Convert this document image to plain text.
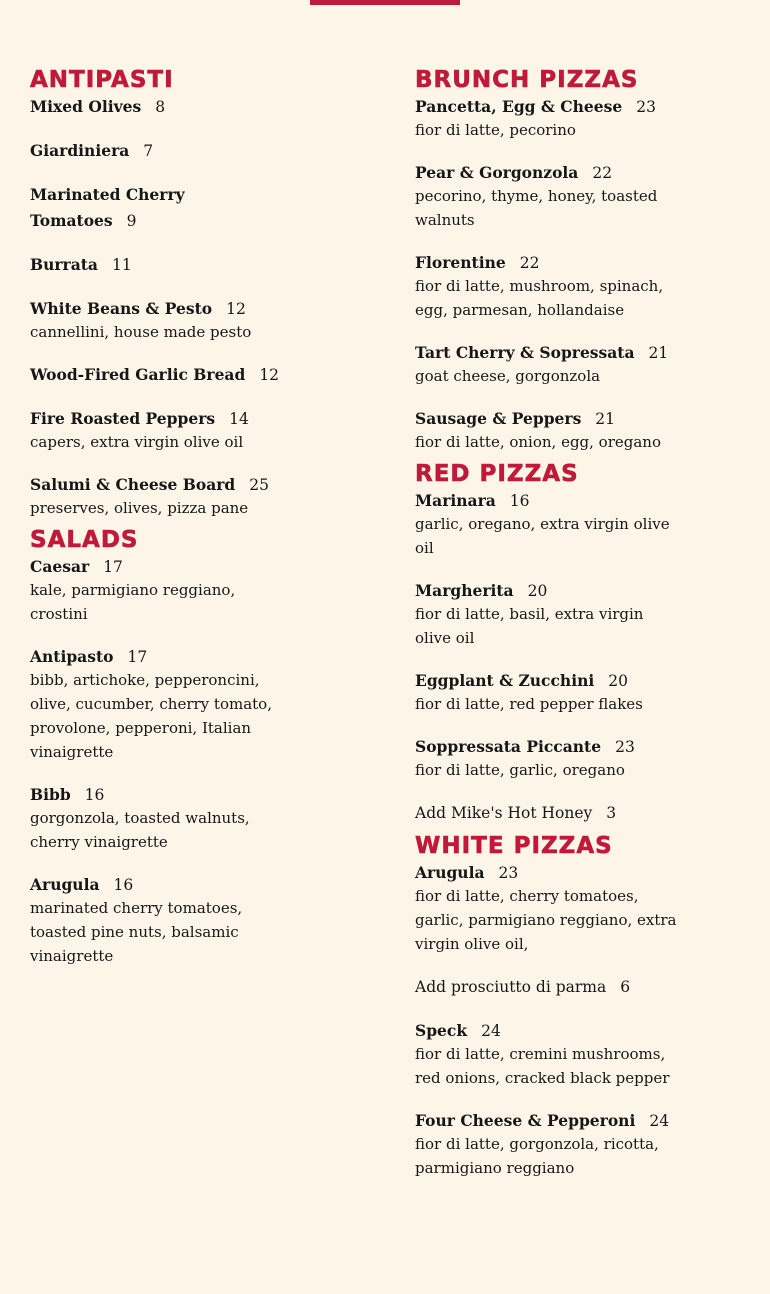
ANTIPASTI
Mixed Olives 8
Giardiniera 7
Marinated Cherry Tomatoes 9
Burrata 11
White Beans & Pesto 12
cannellini, house made pesto
Wood-Fired Garlic Bread 12
Fire Roasted Peppers 14
capers, extra virgin olive oil
Salumi & Cheese Board 25
preserves, olives, pizza pane
SALADS
Caesar 17
kale, parmigiano reggiano, crostini
Antipasto 17
bibb, artichoke, pepperoncini, olive, cucumber, cherry tomato, provolone, pepperoni, Italian vinaigrette
Bibb 16
gorgonzola, toasted walnuts, cherry vinaigrette
Arugula 16
marinated cherry tomatoes, toasted pine nuts, balsamic vinaigrette
BRUNCH PIZZAS
Pancetta, Egg & Cheese 23
fior di latte, pecorino
Pear & Gorgonzola 22
pecorino, thyme, honey, toasted walnuts
Florentine 22
fior di latte, mushroom, spinach, egg, parmesan, hollandaise
Tart Cherry & Sopressata 21
goat cheese, gorgonzola
Sausage & Peppers 21
fior di latte, onion, egg, oregano
RED PIZZAS
Marinara 16
garlic, oregano, extra virgin olive oil
Margherita 20
fior di latte, basil, extra virgin olive oil
Eggplant & Zucchini 20
fior di latte, red pepper flakes
Soppressata Piccante 23
fior di latte, garlic, oregano
Add Mike's Hot Honey 3
WHITE PIZZAS
Arugula 23
fior di latte, cherry tomatoes, garlic, parmigiano reggiano, extra virgin olive oil,
Add prosciutto di parma 6
Speck 24
fior di latte, cremini mushrooms, red onions, cracked black pepper
Four Cheese & Pepperoni 24
fior di latte, gorgonzola, ricotta, parmigiano reggiano
